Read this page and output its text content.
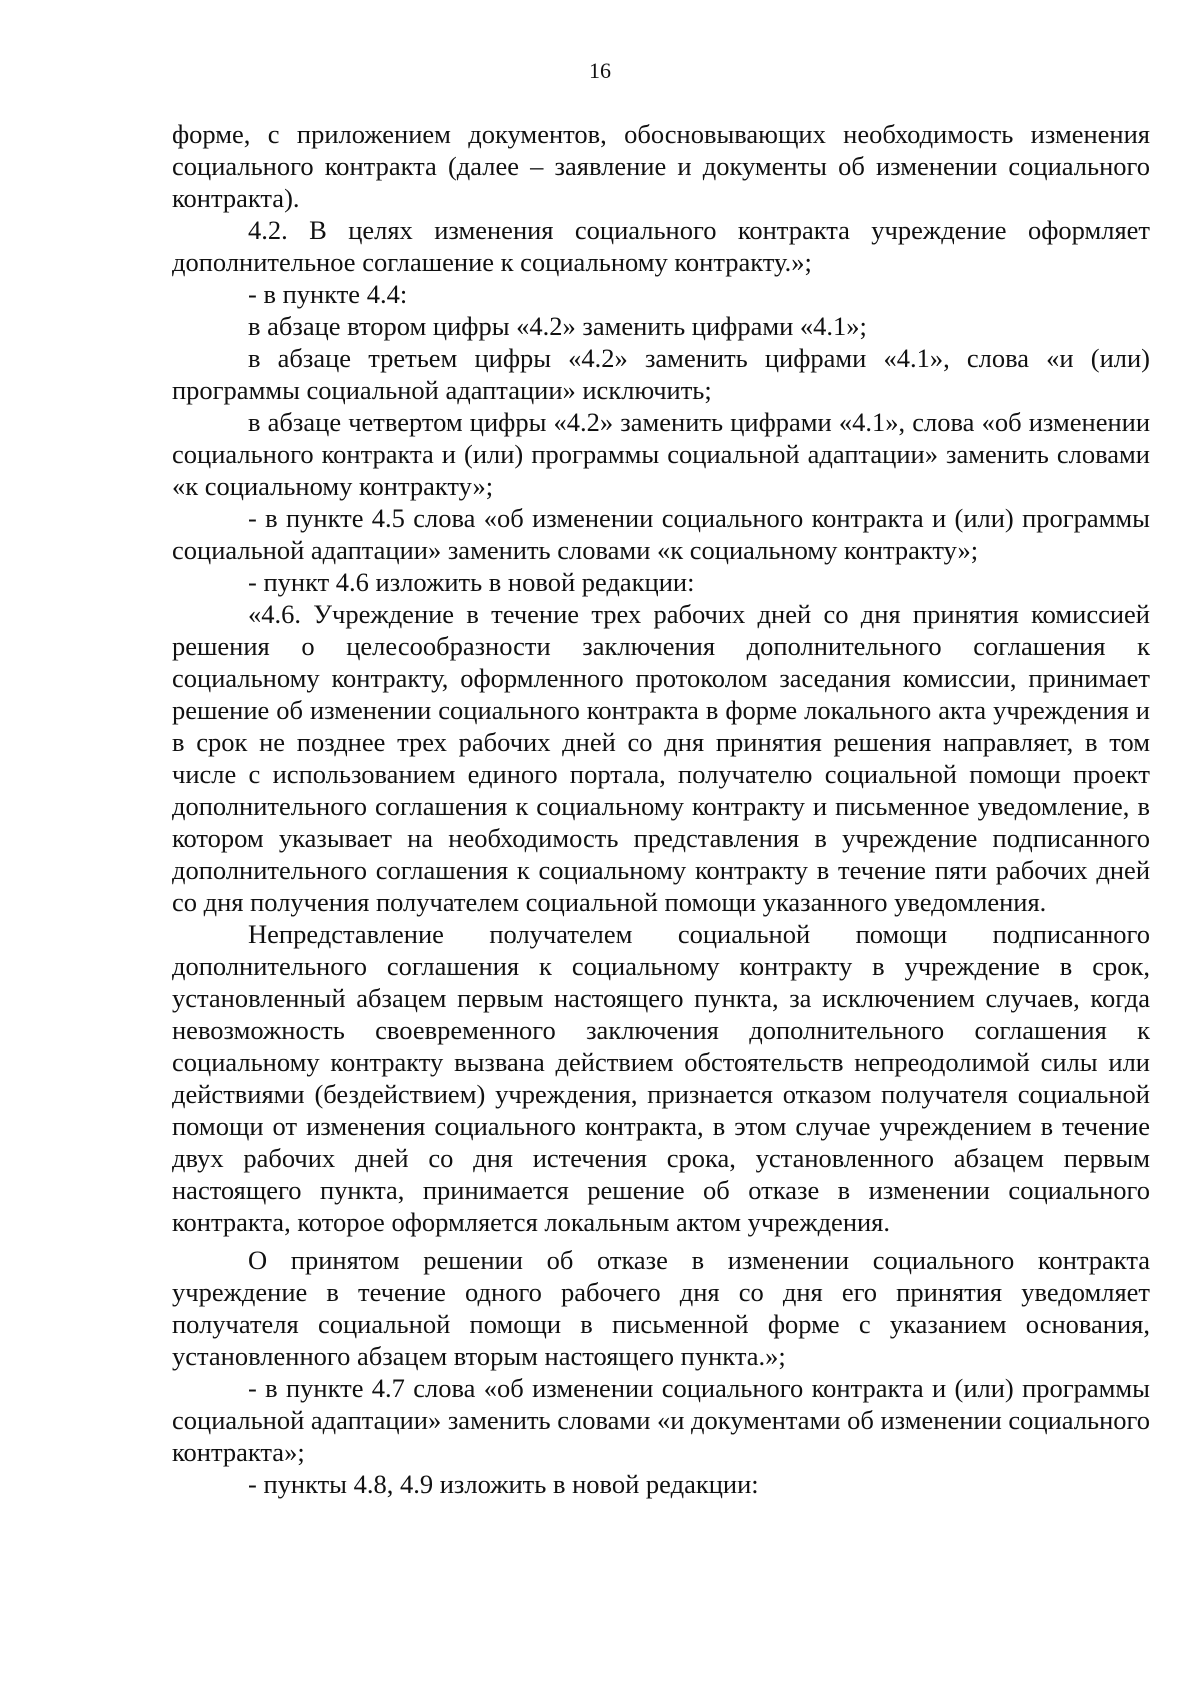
16

форме, с приложением документов, обосновывающих необходимость изменения социального контракта (далее – заявление и документы об изменении социального контракта).

4.2. В целях изменения социального контракта учреждение оформляет дополнительное соглашение к социальному контракту.»;

- в пункте 4.4:

в абзаце втором цифры «4.2» заменить цифрами «4.1»;

в абзаце третьем цифры «4.2» заменить цифрами «4.1», слова «и (или) программы социальной адаптации» исключить;

в абзаце четвертом цифры «4.2» заменить цифрами «4.1», слова «об изменении социального контракта и (или) программы социальной адаптации» заменить словами «к социальному контракту»;

- в пункте 4.5 слова «об изменении социального контракта и (или) программы социальной адаптации» заменить словами «к социальному контракту»;

- пункт 4.6 изложить в новой редакции:

«4.6. Учреждение в течение трех рабочих дней со дня принятия комиссией решения о целесообразности заключения дополнительного соглашения к социальному контракту, оформленного протоколом заседания комиссии, принимает решение об изменении социального контракта в форме локального акта учреждения и в срок не позднее трех рабочих дней со дня принятия решения направляет, в том числе с использованием единого портала, получателю социальной помощи проект дополнительного соглашения к социальному контракту и письменное уведомление, в котором указывает на необходимость представления в учреждение подписанного дополнительного соглашения к социальному контракту в течение пяти рабочих дней со дня получения получателем социальной помощи указанного уведомления.

Непредставление получателем социальной помощи подписанного дополнительного соглашения к социальному контракту в учреждение в срок, установленный абзацем первым настоящего пункта, за исключением случаев, когда невозможность своевременного заключения дополнительного соглашения к социальному контракту вызвана действием обстоятельств непреодолимой силы или действиями (бездействием) учреждения, признается отказом получателя социальной помощи от изменения социального контракта, в этом случае учреждением в течение двух рабочих дней со дня истечения срока, установленного абзацем первым настоящего пункта, принимается решение об отказе в изменении социального контракта, которое оформляется локальным актом учреждения.

О принятом решении об отказе в изменении социального контракта учреждение в течение одного рабочего дня со дня его принятия уведомляет получателя социальной помощи в письменной форме с указанием основания, установленного абзацем вторым настоящего пункта.»;

- в пункте 4.7 слова «об изменении социального контракта и (или) программы социальной адаптации» заменить словами «и документами об изменении социального контракта»;

- пункты 4.8, 4.9 изложить в новой редакции:
